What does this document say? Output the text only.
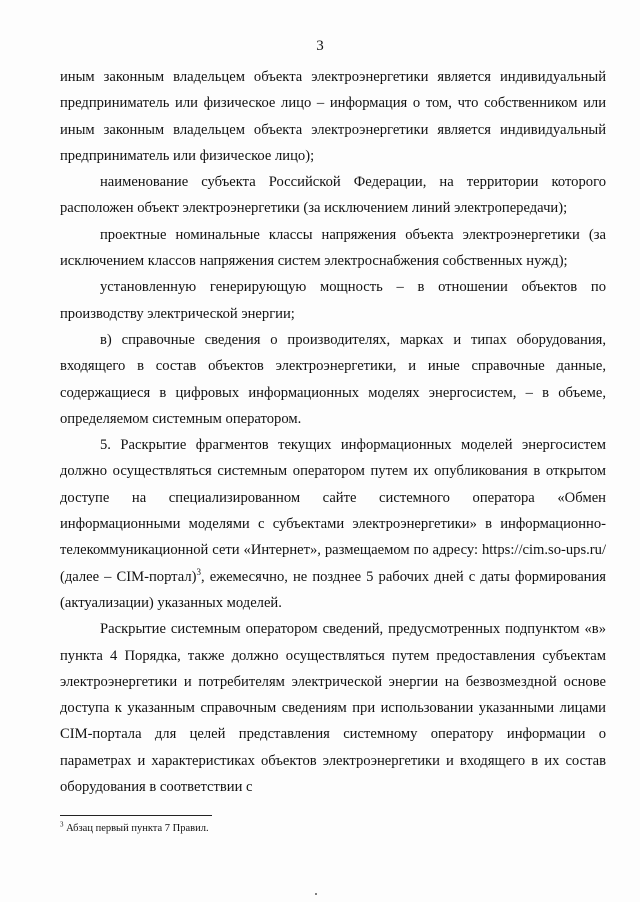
3

иным законным владельцем объекта электроэнергетики является индивидуальный предприниматель или физическое лицо – информация о том, что собственником или иным законным владельцем объекта электроэнергетики является индивидуальный предприниматель или физическое лицо);

наименование субъекта Российской Федерации, на территории которого расположен объект электроэнергетики (за исключением линий электропередачи);

проектные номинальные классы напряжения объекта электроэнергетики (за исключением классов напряжения систем электроснабжения собственных нужд);

установленную генерирующую мощность – в отношении объектов по производству электрической энергии;

в) справочные сведения о производителях, марках и типах оборудования, входящего в состав объектов электроэнергетики, и иные справочные данные, содержащиеся в цифровых информационных моделях энергосистем, – в объеме, определяемом системным оператором.

5. Раскрытие фрагментов текущих информационных моделей энергосистем должно осуществляться системным оператором путем их опубликования в открытом доступе на специализированном сайте системного оператора «Обмен информационными моделями с субъектами электроэнергетики» в информационно-телекоммуникационной сети «Интернет», размещаемом по адресу: https://cim.so-ups.ru/ (далее – CIM-портал)$^3$, ежемесячно, не позднее 5 рабочих дней с даты формирования (актуализации) указанных моделей.

Раскрытие системным оператором сведений, предусмотренных подпунктом «в» пункта 4 Порядка, также должно осуществляться путем предоставления субъектам электроэнергетики и потребителям электрической энергии на безвозмездной основе доступа к указанным справочным сведениям при использовании указанными лицами CIM-портала для целей представления системному оператору информации о параметрах и характеристиках объектов электроэнергетики и входящего в их состав оборудования в соответствии с

$^3$ Абзац первый пункта 7 Правил.
